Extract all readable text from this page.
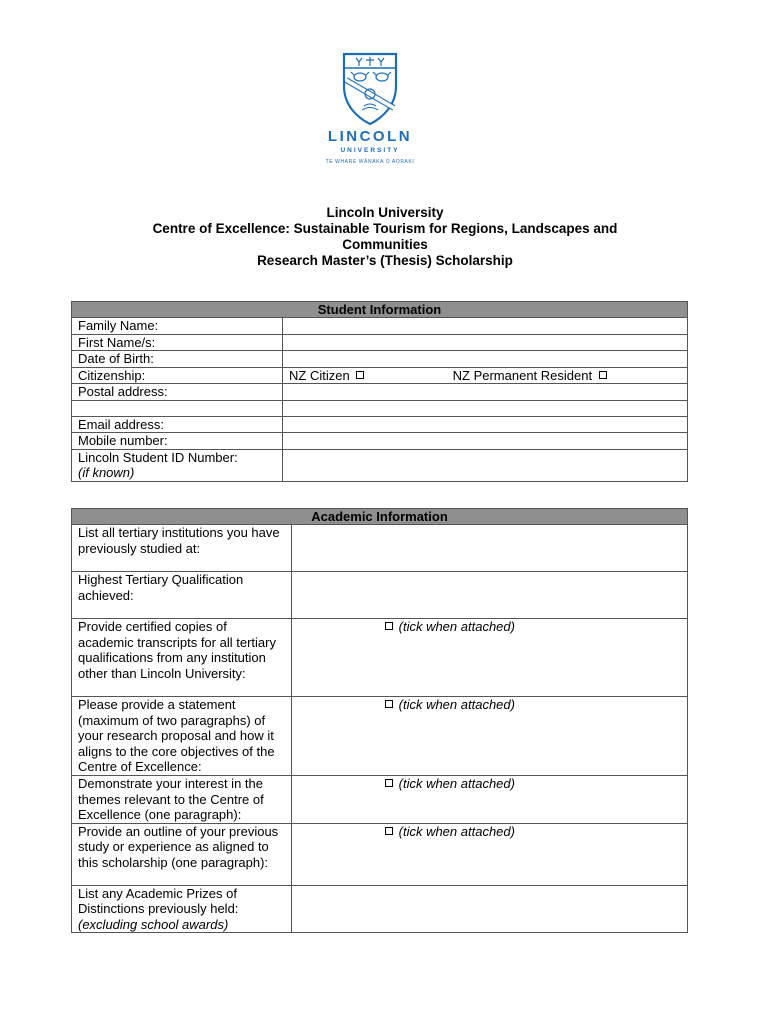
LINCOLN
UNIVERSITY
TE WHARE WĀNAKA O AORAKI
Lincoln University
Centre of Excellence: Sustainable Tourism for Regions, Landscapes and
Communities
Research Master’s (Thesis) Scholarship
Student Information	
Family Name:	
First Name/s:	
Date of Birth:	
Citizenship:	NZ Citizen NZ Permanent Resident
Postal address:	

Email address:	
Mobile number:	

Lincoln Student ID Number:
(if known)	

Academic Information	
List all tertiary institutions you have previously studied at:	
Highest Tertiary Qualification achieved:	
Provide certified copies of academic transcripts for all tertiary qualifications from any institution other than Lincoln University:	(tick when attached)
Please provide a statement (maximum of two paragraphs) of your research proposal and how it aligns to the core objectives of the Centre of Excellence:	(tick when attached)
Demonstrate your interest in the themes relevant to the Centre of Excellence (one paragraph):	(tick when attached)
Provide an outline of your previous study or experience as aligned to this scholarship (one paragraph):	(tick when attached)

List any Academic Prizes of Distinctions previously held:
(excluding school awards)	
